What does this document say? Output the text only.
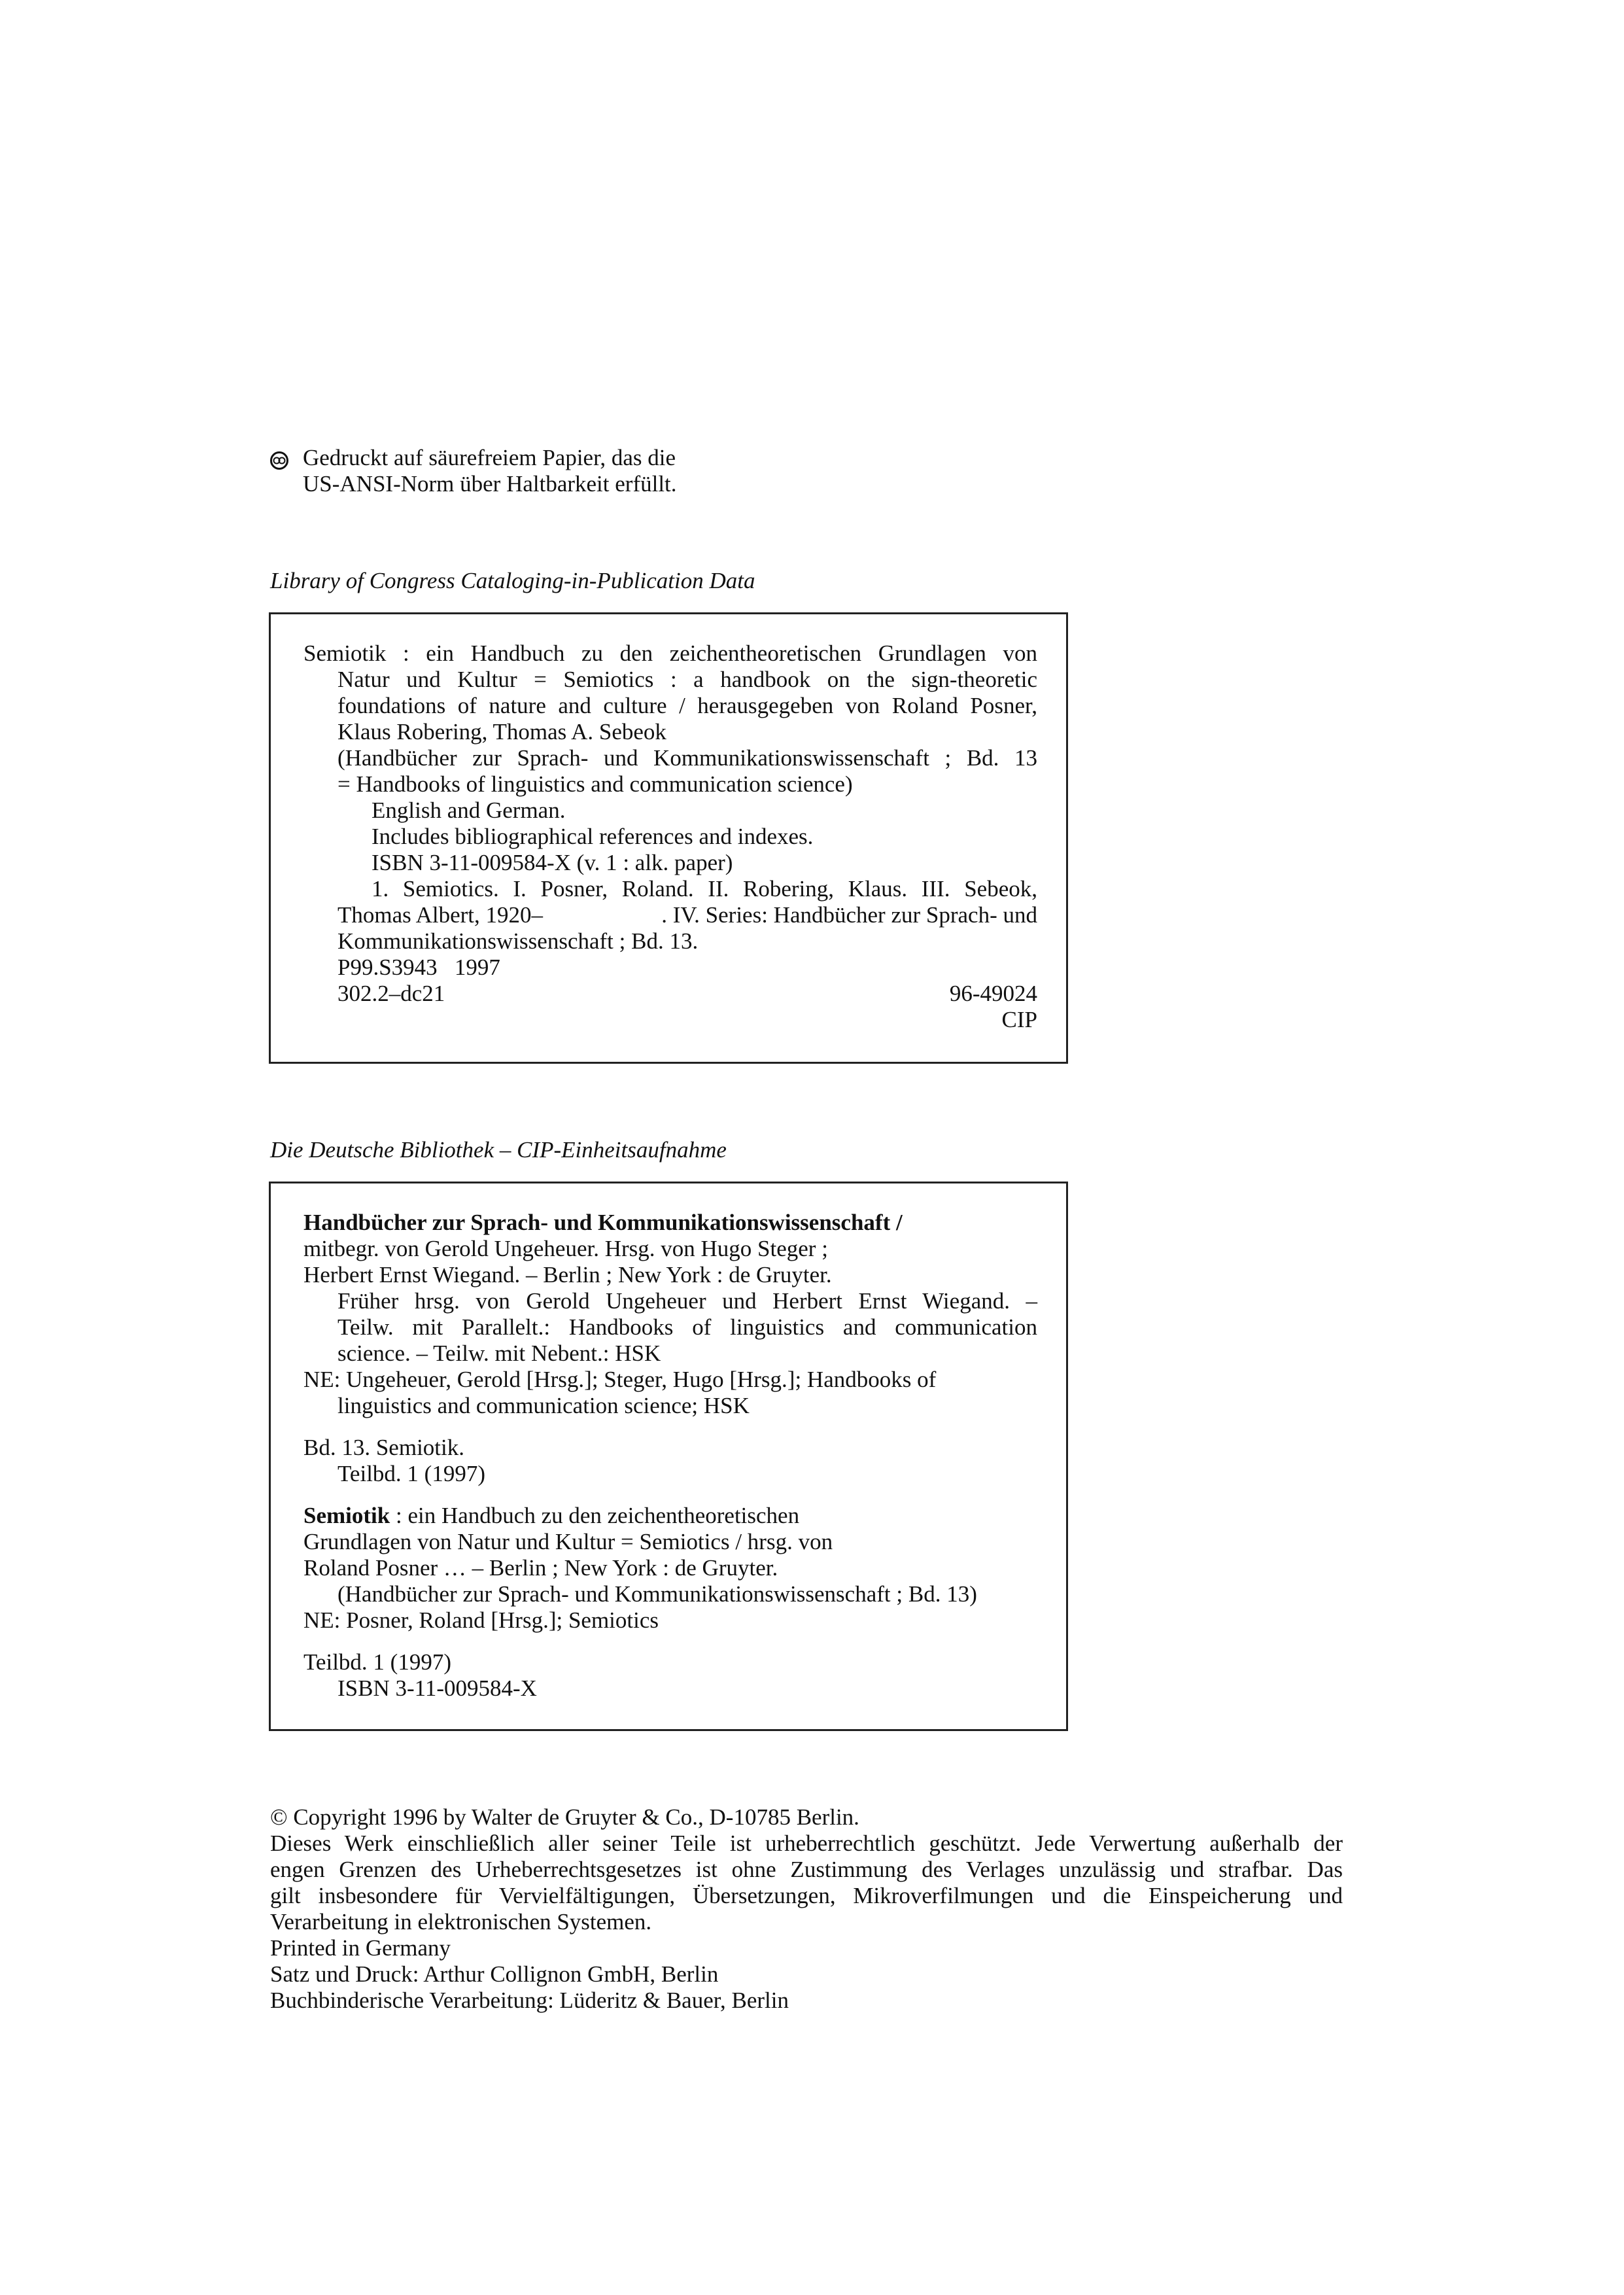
Gedruckt auf säurefreiem Papier, das die
US-ANSI-Norm über Haltbarkeit erfüllt.
Library of Congress Cataloging-in-Publication Data
Semiotik : ein Handbuch zu den zeichentheoretischen Grundlagen von
Natur und Kultur = Semiotics : a handbook on the sign-theoretic
foundations of nature and culture / herausgegeben von Roland Posner,
Klaus Robering, Thomas A. Sebeok
(Handbücher zur Sprach- und Kommunikationswissenschaft ; Bd. 13
= Handbooks of linguistics and communication science)
English and German.
Includes bibliographical references and indexes.
ISBN 3-11-009584-X (v. 1 : alk. paper)
1. Semiotics. I. Posner, Roland. II. Robering, Klaus. III. Sebeok,
Thomas Albert, 1920–	. IV. Series: Handbücher zur Sprach- und
Kommunikationswissenschaft ; Bd. 13.
P99.S3943   1997
302.2–dc21	96-49024
CIP
Die Deutsche Bibliothek – CIP-Einheitsaufnahme
Handbücher zur Sprach- und Kommunikationswissenschaft /
mitbegr. von Gerold Ungeheuer. Hrsg. von Hugo Steger ;
Herbert Ernst Wiegand. – Berlin ; New York : de Gruyter.
Früher hrsg. von Gerold Ungeheuer und Herbert Ernst Wiegand. –
Teilw. mit Parallelt.: Handbooks of linguistics and communication
science. – Teilw. mit Nebent.: HSK
NE: Ungeheuer, Gerold [Hrsg.]; Steger, Hugo [Hrsg.]; Handbooks of
linguistics and communication science; HSK
Bd. 13. Semiotik.
Teilbd. 1 (1997)
Semiotik : ein Handbuch zu den zeichentheoretischen
Grundlagen von Natur und Kultur = Semiotics / hrsg. von
Roland Posner … – Berlin ; New York : de Gruyter.
(Handbücher zur Sprach- und Kommunikationswissenschaft ; Bd. 13)
NE: Posner, Roland [Hrsg.]; Semiotics
Teilbd. 1 (1997)
ISBN 3-11-009584-X
© Copyright 1996 by Walter de Gruyter & Co., D-10785 Berlin.
Dieses Werk einschließlich aller seiner Teile ist urheberrechtlich geschützt. Jede Verwertung außerhalb der
engen Grenzen des Urheberrechtsgesetzes ist ohne Zustimmung des Verlages unzulässig und strafbar. Das
gilt insbesondere für Vervielfältigungen, Übersetzungen, Mikroverfilmungen und die Einspeicherung und
Verarbeitung in elektronischen Systemen.
Printed in Germany
Satz und Druck: Arthur Collignon GmbH, Berlin
Buchbinderische Verarbeitung: Lüderitz & Bauer, Berlin
